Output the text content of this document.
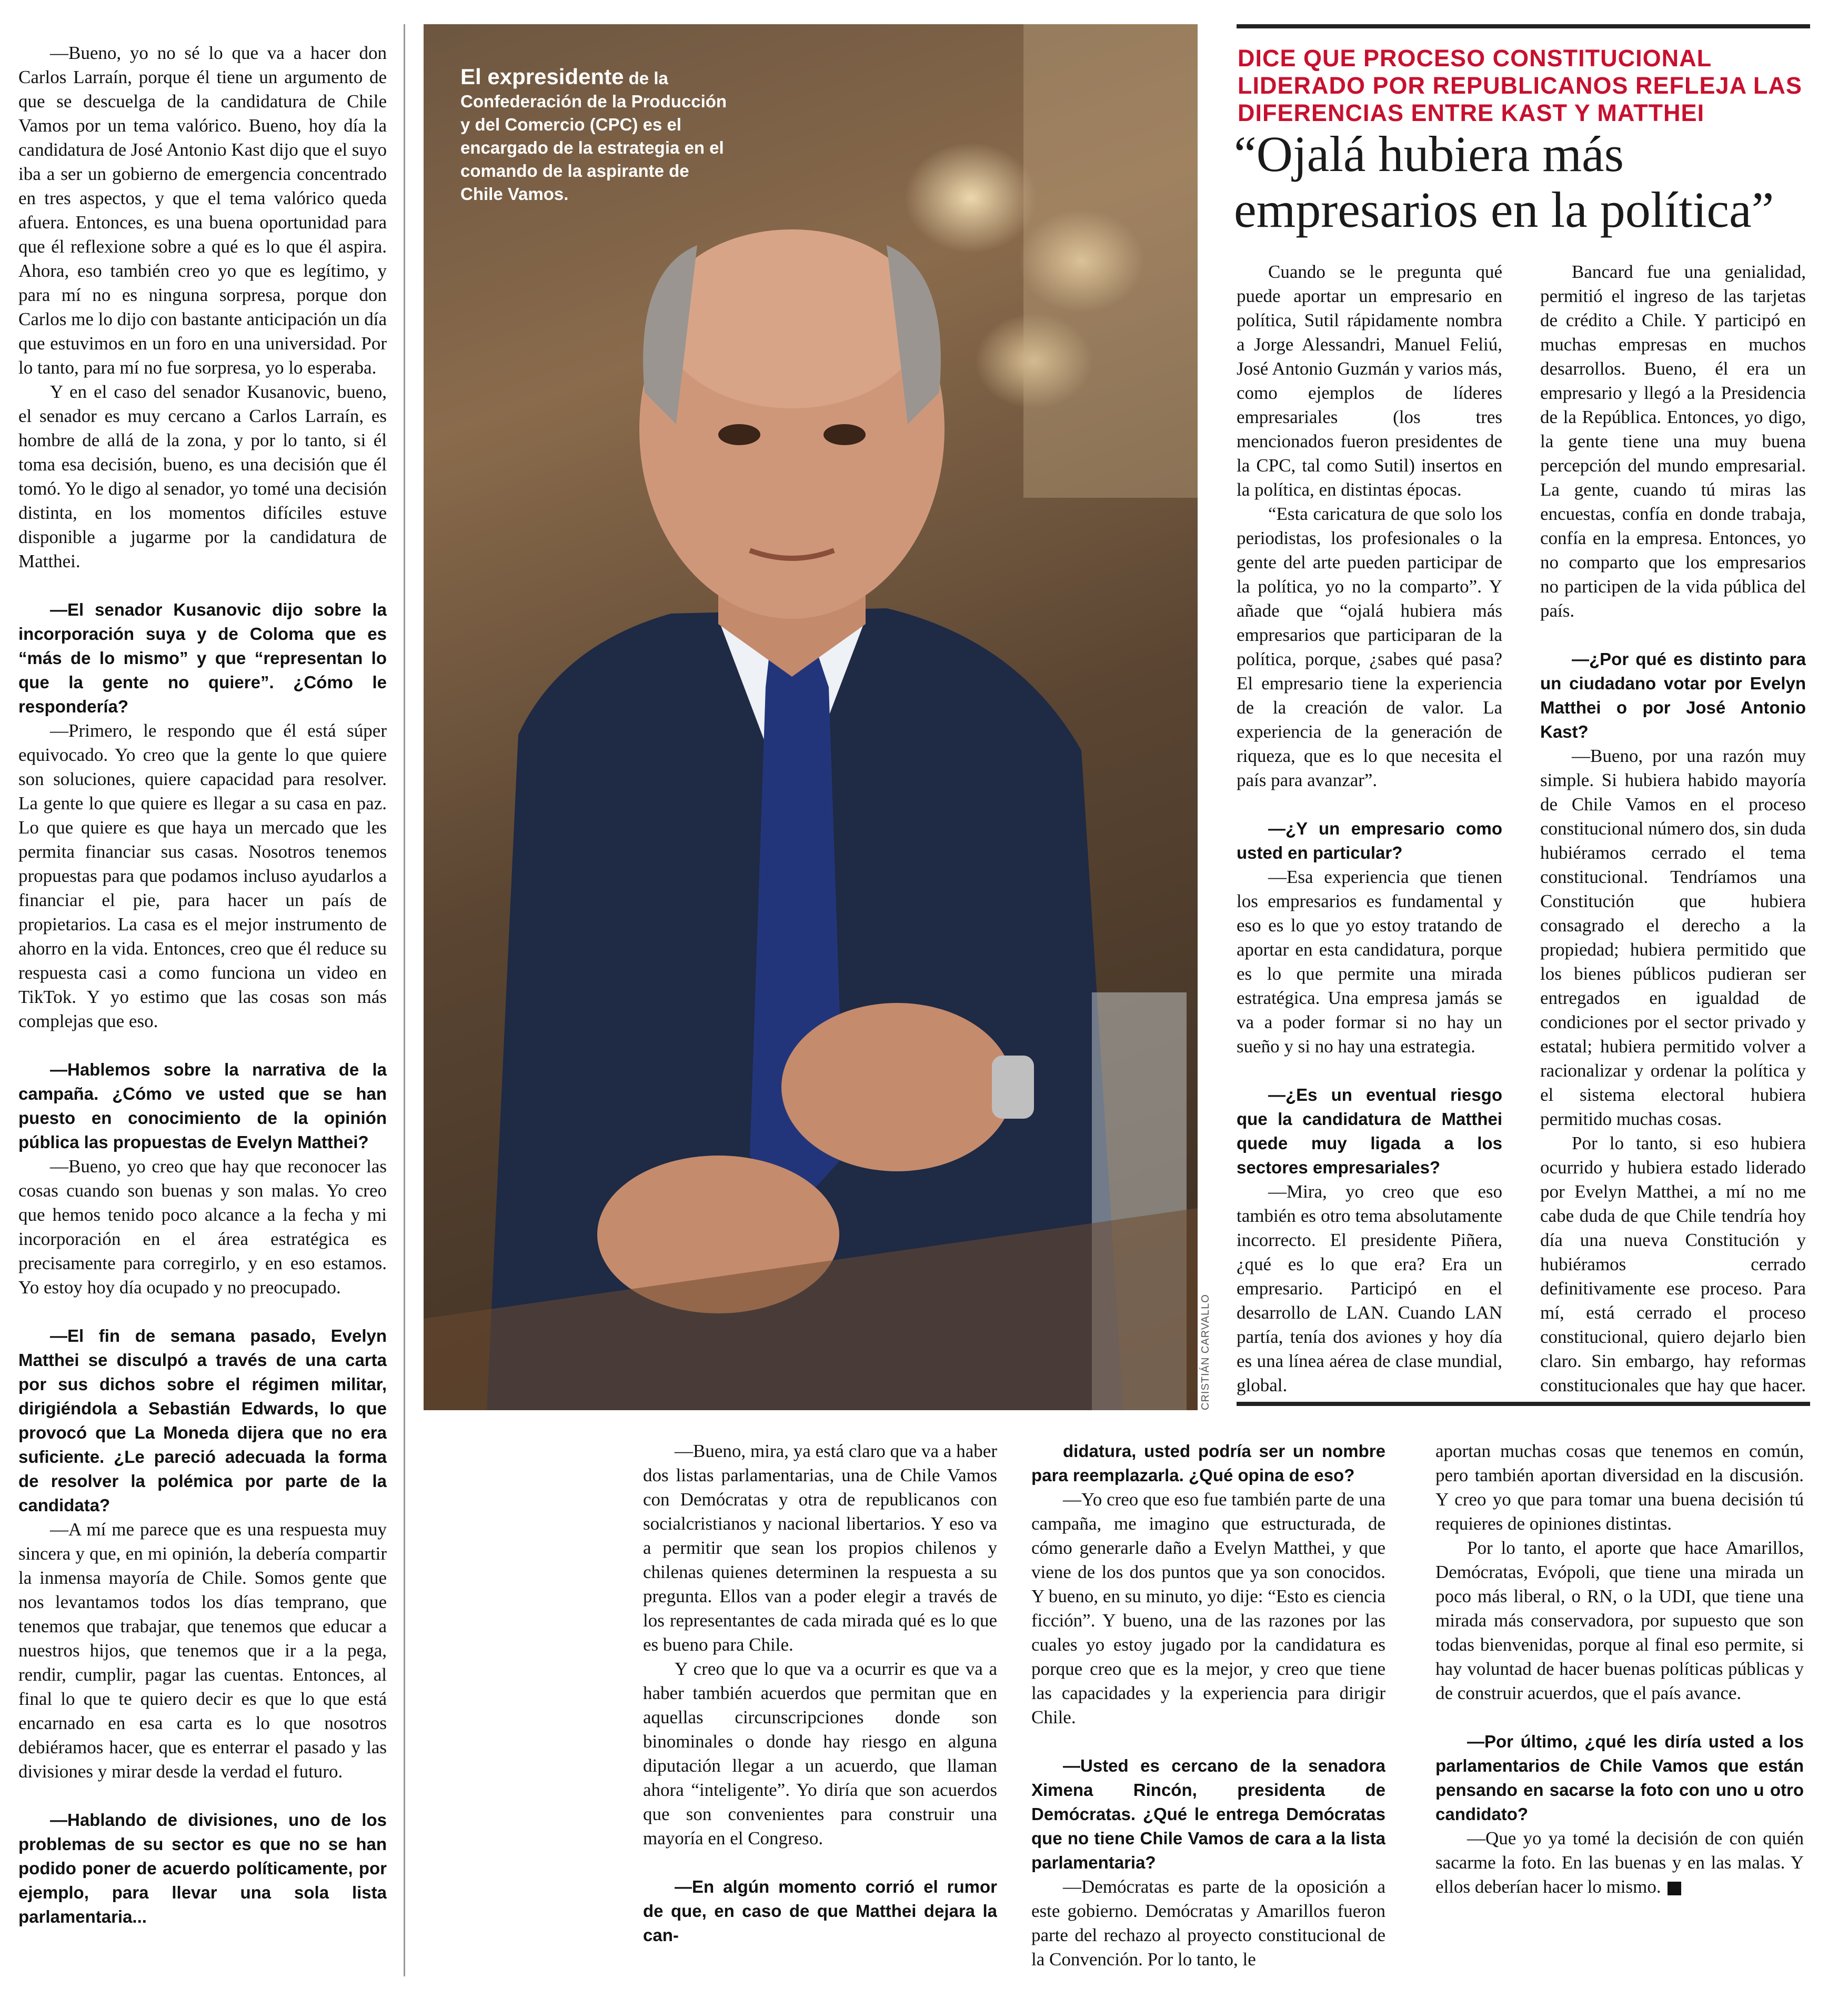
—Bueno, yo no sé lo que va a hacer don Carlos Larraín, porque él tiene un argumento de que se descuelga de la candidatura de Chile Vamos por un tema valórico. Bueno, hoy día la candidatura de José Antonio Kast dijo que el suyo iba a ser un gobierno de emergencia concentrado en tres aspectos, y que el tema valórico queda afuera. Entonces, es una buena oportunidad para que él reflexione sobre a qué es lo que él aspira. Ahora, eso también creo yo que es legítimo, y para mí no es ninguna sorpresa, porque don Carlos me lo dijo con bastante anticipación un día que estuvimos en un foro en una universidad. Por lo tanto, para mí no fue sorpresa, yo lo esperaba.

Y en el caso del senador Kusanovic, bueno, el senador es muy cercano a Carlos Larraín, es hombre de allá de la zona, y por lo tanto, si él toma esa decisión, bueno, es una decisión que él tomó. Yo le digo al senador, yo tomé una decisión distinta, en los momentos difíciles estuve disponible a jugarme por la candidatura de Matthei.

—El senador Kusanovic dijo sobre la incorporación suya y de Coloma que es “más de lo mismo” y que “representan lo que la gente no quiere”. ¿Cómo le respondería?

—Primero, le respondo que él está súper equivocado. Yo creo que la gente lo que quiere son soluciones, quiere capacidad para resolver. La gente lo que quiere es llegar a su casa en paz. Lo que quiere es que haya un mercado que les permita financiar sus casas. Nosotros tenemos propuestas para que podamos incluso ayudarlos a financiar el pie, para hacer un país de propietarios. La casa es el mejor instrumento de ahorro en la vida. Entonces, creo que él reduce su respuesta casi a como funciona un video en TikTok. Y yo estimo que las cosas son más complejas que eso.

—Hablemos sobre la narrativa de la campaña. ¿Cómo ve usted que se han puesto en conocimiento de la opinión pública las propuestas de Evelyn Matthei?

—Bueno, yo creo que hay que reconocer las cosas cuando son buenas y son malas. Yo creo que hemos tenido poco alcance a la fecha y mi incorporación en el área estratégica es precisamente para corregirlo, y en eso estamos. Yo estoy hoy día ocupado y no preocupado.

—El fin de semana pasado, Evelyn Matthei se disculpó a través de una carta por sus dichos sobre el régimen militar, dirigiéndola a Sebastián Edwards, lo que provocó que La Moneda dijera que no era suficiente. ¿Le pareció adecuada la forma de resolver la polémica por parte de la candidata?

—A mí me parece que es una respuesta muy sincera y que, en mi opinión, la debería compartir la inmensa mayoría de Chile. Somos gente que nos levantamos todos los días temprano, que tenemos que trabajar, que tenemos que educar a nuestros hijos, que tenemos que ir a la pega, rendir, cumplir, pagar las cuentas. Entonces, al final lo que te quiero decir es que lo que está encarnado en esa carta es lo que nosotros debiéramos hacer, que es enterrar el pasado y las divisiones y mirar desde la verdad el futuro.

—Hablando de divisiones, uno de los problemas de su sector es que no se han podido poner de acuerdo políticamente, por ejemplo, para llevar una sola lista parlamentaria...

El expresidente de la Confederación de la Producción y del Comercio (CPC) es el encargado de la estrategia en el comando de la aspirante de Chile Vamos.
CRISTIÁN CARVALLO
DICE QUE PROCESO CONSTITUCIONAL LIDERADO POR REPUBLICANOS REFLEJA LAS DIFERENCIAS ENTRE KAST Y MATTHEI
“Ojalá hubiera más empresarios en la política”

Cuando se le pregunta qué puede aportar un empresario en política, Sutil rápidamente nombra a Jorge Alessandri, Manuel Feliú, José Antonio Guzmán y varios más, como ejemplos de líderes empresariales (los tres mencionados fueron presidentes de la CPC, tal como Sutil) insertos en la política, en distintas épocas.

“Esta caricatura de que solo los periodistas, los profesionales o la gente del arte pueden participar de la política, yo no la comparto”. Y añade que “ojalá hubiera más empresarios que participaran de la política, porque, ¿sabes qué pasa? El empresario tiene la experiencia de la creación de valor. La experiencia de la generación de riqueza, que es lo que necesita el país para avanzar”.

—¿Y un empresario como usted en particular?

—Esa experiencia que tienen los empresarios es fundamental y eso es lo que yo estoy tratando de aportar en esta candidatura, porque es lo que permite una mirada estratégica. Una empresa jamás se va a poder formar si no hay un sueño y si no hay una estrategia.

—¿Es un eventual riesgo que la candidatura de Matthei quede muy ligada a los sectores empresariales?

—Mira, yo creo que eso también es otro tema absolutamente incorrecto. El presidente Piñera, ¿qué es lo que era? Era un empresario. Participó en el desarrollo de LAN. Cuando LAN partía, tenía dos aviones y hoy día es una línea aérea de clase mundial, global.

Bancard fue una genialidad, permitió el ingreso de las tarjetas de crédito a Chile. Y participó en muchas empresas en muchos desarrollos. Bueno, él era un empresario y llegó a la Presidencia de la República. Entonces, yo digo, la gente tiene una muy buena percepción del mundo empresarial. La gente, cuando tú miras las encuestas, confía en donde trabaja, confía en la empresa. Entonces, yo no comparto que los empresarios no participen de la vida pública del país.

—¿Por qué es distinto para un ciudadano votar por Evelyn Matthei o por José Antonio Kast?

—Bueno, por una razón muy simple. Si hubiera habido mayoría de Chile Vamos en el proceso constitucional número dos, sin duda hubiéramos cerrado el tema constitucional. Tendríamos una Constitución que hubiera consagrado el derecho a la propiedad; hubiera permitido que los bienes públicos pudieran ser entregados en igualdad de condiciones por el sector privado y estatal; hubiera permitido volver a racionalizar y ordenar la política y el sistema electoral hubiera permitido muchas cosas.

Por lo tanto, si eso hubiera ocurrido y hubiera estado liderado por Evelyn Matthei, a mí no me cabe duda de que Chile tendría hoy día una nueva Constitución y hubiéramos cerrado definitivamente ese proceso. Para mí, está cerrado el proceso constitucional, quiero dejarlo bien claro. Sin embargo, hay reformas constitucionales que hay que hacer.

—Bueno, mira, ya está claro que va a haber dos listas parlamentarias, una de Chile Vamos con Demócratas y otra de republicanos con socialcristianos y nacional libertarios. Y eso va a permitir que sean los propios chilenos y chilenas quienes determinen la respuesta a su pregunta. Ellos van a poder elegir a través de los representantes de cada mirada qué es lo que es bueno para Chile.

Y creo que lo que va a ocurrir es que va a haber también acuerdos que permitan que en aquellas circunscripciones donde son binominales o donde hay riesgo en alguna diputación llegar a un acuerdo, que llaman ahora “inteligente”. Yo diría que son acuerdos que son convenientes para construir una mayoría en el Congreso.

—En algún momento corrió el rumor de que, en caso de que Matthei dejara la can-

didatura, usted podría ser un nombre para reemplazarla. ¿Qué opina de eso?

—Yo creo que eso fue también parte de una campaña, me imagino que estructurada, de cómo generarle daño a Evelyn Matthei, y que viene de los dos puntos que ya son conocidos. Y bueno, en su minuto, yo dije: “Esto es ciencia ficción”. Y bueno, una de las razones por las cuales yo estoy jugado por la candidatura es porque creo que es la mejor, y creo que tiene las capacidades y la experiencia para dirigir Chile.

—Usted es cercano de la senadora Ximena Rincón, presidenta de Demócratas. ¿Qué le entrega Demócratas que no tiene Chile Vamos de cara a la lista parlamentaria?

—Demócratas es parte de la oposición a este gobierno. Demócratas y Amarillos fueron parte del rechazo al proyecto constitucional de la Convención. Por lo tanto, le

aportan muchas cosas que tenemos en común, pero también aportan diversidad en la discusión. Y creo yo que para tomar una buena decisión tú requieres de opiniones distintas.

Por lo tanto, el aporte que hace Amarillos, Demócratas, Evópoli, que tiene una mirada un poco más liberal, o RN, o la UDI, que tiene una mirada más conservadora, por supuesto que son todas bienvenidas, porque al final eso permite, si hay voluntad de hacer buenas políticas públicas y de construir acuerdos, que el país avance.

—Por último, ¿qué les diría usted a los parlamentarios de Chile Vamos que están pensando en sacarse la foto con uno u otro candidato?

—Que yo ya tomé la decisión de con quién sacarme la foto. En las buenas y en las malas. Y ellos deberían hacer lo mismo.
